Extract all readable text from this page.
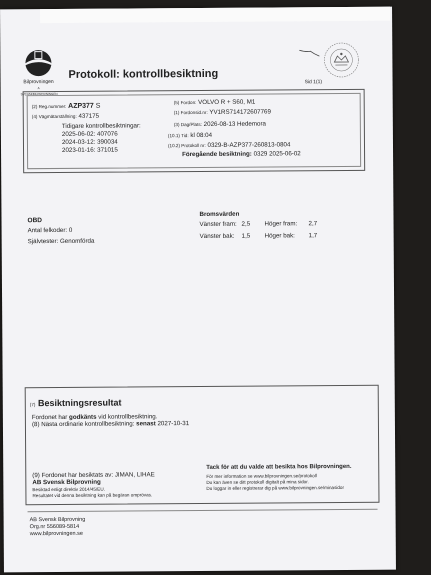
Bilprovningen
A SVENSKBILPROVNINGEN
Protokoll: kontrollbesiktning
Sid 1(1)
(2) Reg.nummer: AZP377 S
(4) Vägmätarställning: 437175
Tidigare kontrollbesiktningar:
2025-06-02: 407076
2024-03-12: 390034
2023-01-16: 371015
(5) Fordon: VOLVO R + S60, M1
(1) Fordonsid.nr: YV1RS714172607769
(3) Dag/Plats: 2026-08-13 Hedemora
(10.1) Tid: kl 08:04
(10.2) Protokoll nr: 0329-B-AZP377-260813-0804
Föregående besiktning: 0329 2025-06-02
OBD
Antal felkoder: 0
Självtester: Genomförda
Bromsvärden
Vänster fram: 2,5 Höger fram: 2,7
Vänster bak: 1,5 Höger bak: 1,7
(7) Besiktningsresultat
Fordonet har godkänts vid kontrollbesiktning.
(8) Nästa ordinarie kontrollbesiktning: senast 2027-10-31
(9) Fordonet har besiktats av: JIMAN, LIHAE
AB Svensk Bilprovning
Besiktad enligt direktiv 2014/45/EU.
Resultatet vid denna besiktning kan på begäran omprövas.
Tack för att du valde att besikta hos Bilprovningen.
För mer information se www.bilprovningen.se/protokoll
Du kan även se ditt protokoll digitalt på mina sidor.
Du loggar in eller registrerar dig på www.bilprovningen.se/minasidor
AB Svensk Bilprovning
Org.nr 556089-5814
www.bilprovningen.se
